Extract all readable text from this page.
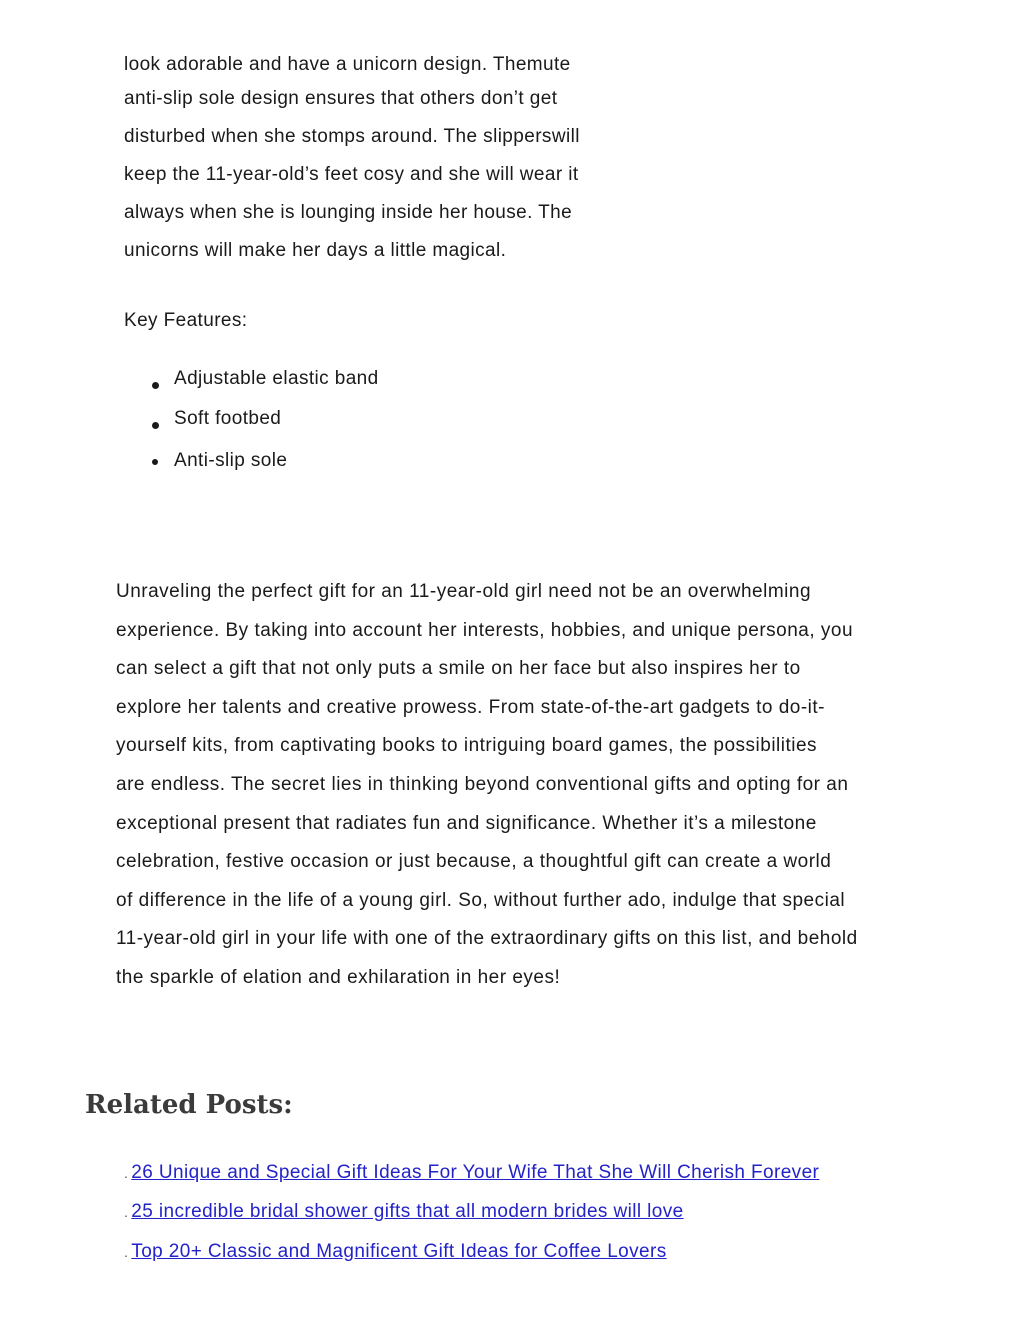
look adorable and have a unicorn design. Themute
anti-slip sole design ensures that others don’t get
disturbed when she stomps around. The slipperswill
keep the 11-year-old’s feet cosy and she will wear it
always when she is lounging inside her house. The
unicorns will make her days a little magical.
Key Features:
Adjustable elastic band
Soft footbed
Anti-slip sole
Unraveling the perfect gift for an 11-year-old girl need not be an overwhelming
experience. By taking into account her interests, hobbies, and unique persona, you
can select a gift that not only puts a smile on her face but also inspires her to
explore her talents and creative prowess. From state-of-the-art gadgets to do-it-
yourself kits, from captivating books to intriguing board games, the possibilities
are endless. The secret lies in thinking beyond conventional gifts and opting for an
exceptional present that radiates fun and significance. Whether it’s a milestone
celebration, festive occasion or just because, a thoughtful gift can create a world
of difference in the life of a young girl. So, without further ado, indulge that special
11-year-old girl in your life with one of the extraordinary gifts on this list, and behold
the sparkle of elation and exhilaration in her eyes!
Related Posts:
. 26 Unique and Special Gift Ideas For Your Wife That She Will Cherish Forever
. 25 incredible bridal shower gifts that all modern brides will love
. Top 20+ Classic and Magnificent Gift Ideas for Coffee Lovers
